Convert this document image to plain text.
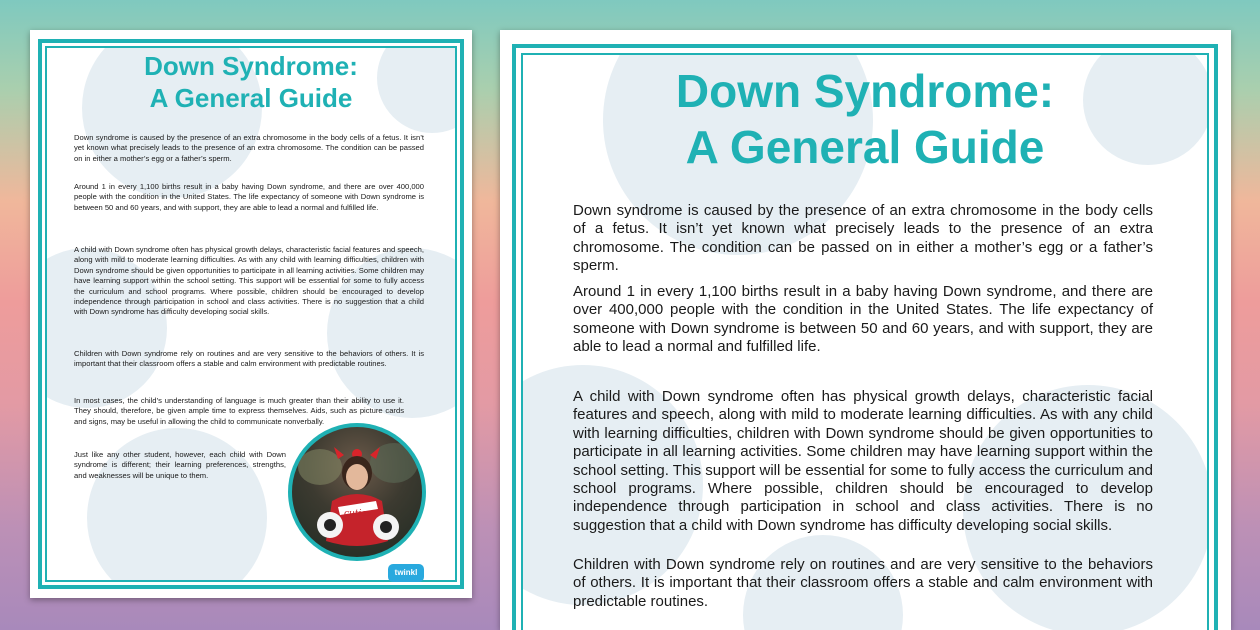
Down Syndrome:
A General Guide

Down syndrome is caused by the presence of an extra chromosome in the body cells of a fetus. It isn’t yet known what precisely leads to the presence of an extra chromosome. The condition can be passed on in either a mother’s egg or a father’s sperm.

Around 1 in every 1,100 births result in a baby having Down syndrome, and there are over 400,000 people with the condition in the United States. The life expectancy of someone with Down syndrome is between 50 and 60 years, and with support, they are able to lead a normal and fulfilled life.

A child with Down syndrome often has physical growth delays, characteristic facial features and speech, along with mild to moderate learning difficulties. As with any child with learning difficulties, children with Down syndrome should be given opportunities to participate in all learning activities. Some children may have learning support within the school setting. This support will be essential for some to fully access the curriculum and school programs. Where possible, children should be encouraged to develop independence through participation in school and class activities. There is no suggestion that a child with Down syndrome has difficulty developing social skills.

Children with Down syndrome rely on routines and are very sensitive to the behaviors of others. It is important that their classroom offers a stable and calm environment with predictable routines.

In most cases, the child’s understanding of language is much greater than their ability to use it. They should, therefore, be given ample time to express themselves. Aids, such as picture cards and signs, may be useful in allowing the child to communicate nonverbally.

Just like any other student, however, each child with Down syndrome is different; their learning preferences, strengths, and weaknesses will be unique to them.

cuties
twinkl
Down Syndrome:
A General Guide

Down syndrome is caused by the presence of an extra chromosome in the body cells of a fetus. It isn’t yet known what precisely leads to the presence of an extra chromosome. The condition can be passed on in either a mother’s egg or a father’s sperm.

Around 1 in every 1,100 births result in a baby having Down syndrome, and there are over 400,000 people with the condition in the United States. The life expectancy of someone with Down syndrome is between 50 and 60 years, and with support, they are able to lead a normal and fulfilled life.

A child with Down syndrome often has physical growth delays, characteristic facial features and speech, along with mild to moderate learning difficulties. As with any child with learning difficulties, children with Down syndrome should be given opportunities to participate in all learning activities. Some children may have learning support within the school setting. This support will be essential for some to fully access the curriculum and school programs. Where possible, children should be encouraged to develop independence through participation in school and class activities. There is no suggestion that a child with Down syndrome has difficulty developing social skills.

Children with Down syndrome rely on routines and are very sensitive to the behaviors of others. It is important that their classroom offers a stable and calm environment with predictable routines.
